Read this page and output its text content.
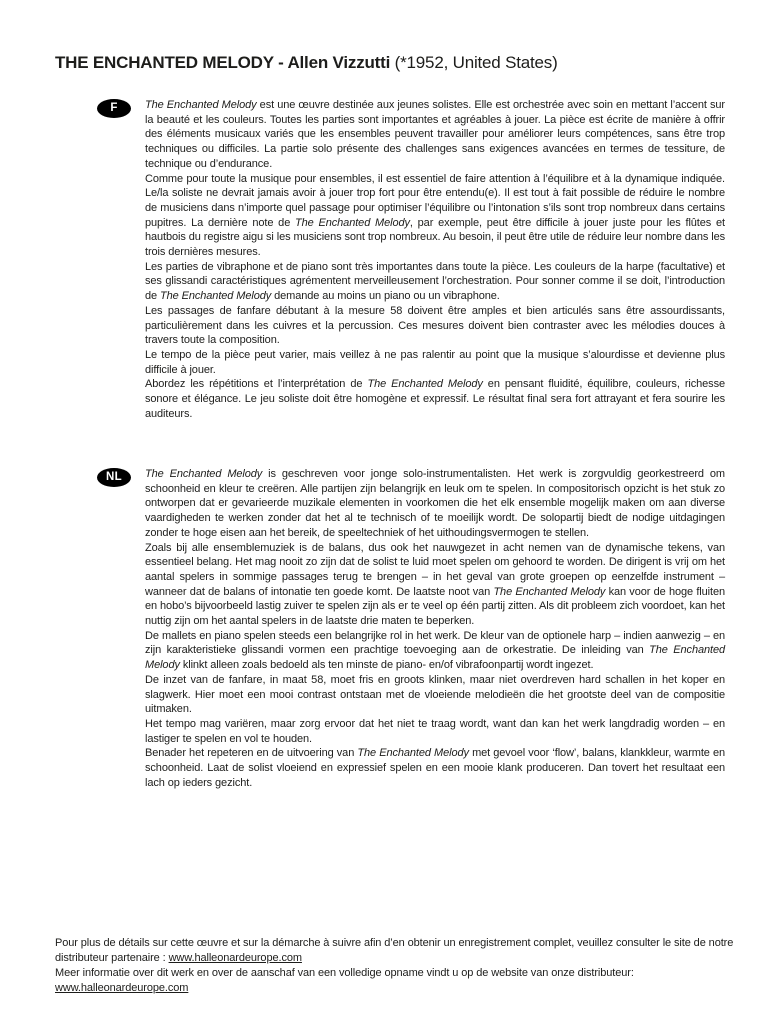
THE ENCHANTED MELODY - Allen Vizzutti (*1952, United States)
F	The Enchanted Melody est une œuvre destinée aux jeunes solistes. Elle est orchestrée avec soin en mettant l’accent sur la beauté et les couleurs. Toutes les parties sont importantes et agréables à jouer. La pièce est écrite de manière à offrir des éléments musicaux variés que les ensembles peuvent travailler pour améliorer leurs compétences, sans être trop techniques ou difficiles. La partie solo présente des challenges sans exigences avancées en termes de tessiture, de technique ou d’endurance.

Comme pour toute la musique pour ensembles, il est essentiel de faire attention à l’équilibre et à la dynamique indiquée. Le/la soliste ne devrait jamais avoir à jouer trop fort pour être entendu(e). Il est tout à fait possible de réduire le nombre de musiciens dans n’importe quel passage pour optimiser l’équilibre ou l’intonation s’ils sont trop nombreux dans certains pupitres. La dernière note de The Enchanted Melody, par exemple, peut être difficile à jouer juste pour les flûtes et hautbois du registre aigu si les musiciens sont trop nombreux. Au besoin, il peut être utile de réduire leur nombre dans les trois dernières mesures.

Les parties de vibraphone et de piano sont très importantes dans toute la pièce. Les couleurs de la harpe (facultative) et ses glissandi caractéristiques agrémentent merveilleusement l’orchestration. Pour sonner comme il se doit, l’introduction de The Enchanted Melody demande au moins un piano ou un vibraphone.

Les passages de fanfare débutant à la mesure 58 doivent être amples et bien articulés sans être assourdissants, particulièrement dans les cuivres et la percussion. Ces mesures doivent bien contraster avec les mélodies douces à travers toute la composition.

Le tempo de la pièce peut varier, mais veillez à ne pas ralentir au point que la musique s’alourdisse et devienne plus difficile à jouer.

Abordez les répétitions et l’interprétation de The Enchanted Melody en pensant fluidité, équilibre, couleurs, richesse sonore et élégance. Le jeu soliste doit être homogène et expressif. Le résultat final sera fort attrayant et fera sourire les auditeurs.

NL	The Enchanted Melody is geschreven voor jonge solo-instrumentalisten. Het werk is zorgvuldig georkestreerd om schoonheid en kleur te creëren. Alle partijen zijn belangrijk en leuk om te spelen. In compositorisch opzicht is het stuk zo ontworpen dat er gevarieerde muzikale elementen in voorkomen die het elk ensemble mogelijk maken om aan diverse vaardigheden te werken zonder dat het al te technisch of te moeilijk wordt. De solopartij biedt de nodige uitdagingen zonder te hoge eisen aan het bereik, de speeltechniek of het uithoudingsvermogen te stellen.

Zoals bij alle ensemblemuziek is de balans, dus ook het nauwgezet in acht nemen van de dynamische tekens, van essentieel belang. Het mag nooit zo zijn dat de solist te luid moet spelen om gehoord te worden. De dirigent is vrij om het aantal spelers in sommige passages terug te brengen – in het geval van grote groepen op eenzelfde instrument – wanneer dat de balans of intonatie ten goede komt. De laatste noot van The Enchanted Melody kan voor de hoge fluiten en hobo’s bijvoorbeeld lastig zuiver te spelen zijn als er te veel op één partij zitten. Als dit probleem zich voordoet, kan het nuttig zijn om het aantal spelers in de laatste drie maten te beperken.

De mallets en piano spelen steeds een belangrijke rol in het werk. De kleur van de optionele harp – indien aanwezig – en zijn karakteristieke glissandi vormen een prachtige toevoeging aan de orkestratie. De inleiding van The Enchanted Melody klinkt alleen zoals bedoeld als ten minste de piano- en/of vibrafoonpartij wordt ingezet.

De inzet van de fanfare, in maat 58, moet fris en groots klinken, maar niet overdreven hard schallen in het koper en slagwerk. Hier moet een mooi contrast ontstaan met de vloeiende melodieën die het grootste deel van de compositie uitmaken.

Het tempo mag variëren, maar zorg ervoor dat het niet te traag wordt, want dan kan het werk langdradig worden – en lastiger te spelen en vol te houden.

Benader het repeteren en de uitvoering van The Enchanted Melody met gevoel voor ‘flow’, balans, klankkleur, warmte en schoonheid. Laat de solist vloeiend en expressief spelen en een mooie klank produceren. Dan tovert het resultaat een lach op ieders gezicht.

Pour plus de détails sur cette œuvre et sur la démarche à suivre afin d’en obtenir un enregistrement complet, veuillez consulter le site de notre distributeur partenaire : www.halleonardeurope.com

Meer informatie over dit werk en over de aanschaf van een volledige opname vindt u op de website van onze distributeur: www.halleonardeurope.com
